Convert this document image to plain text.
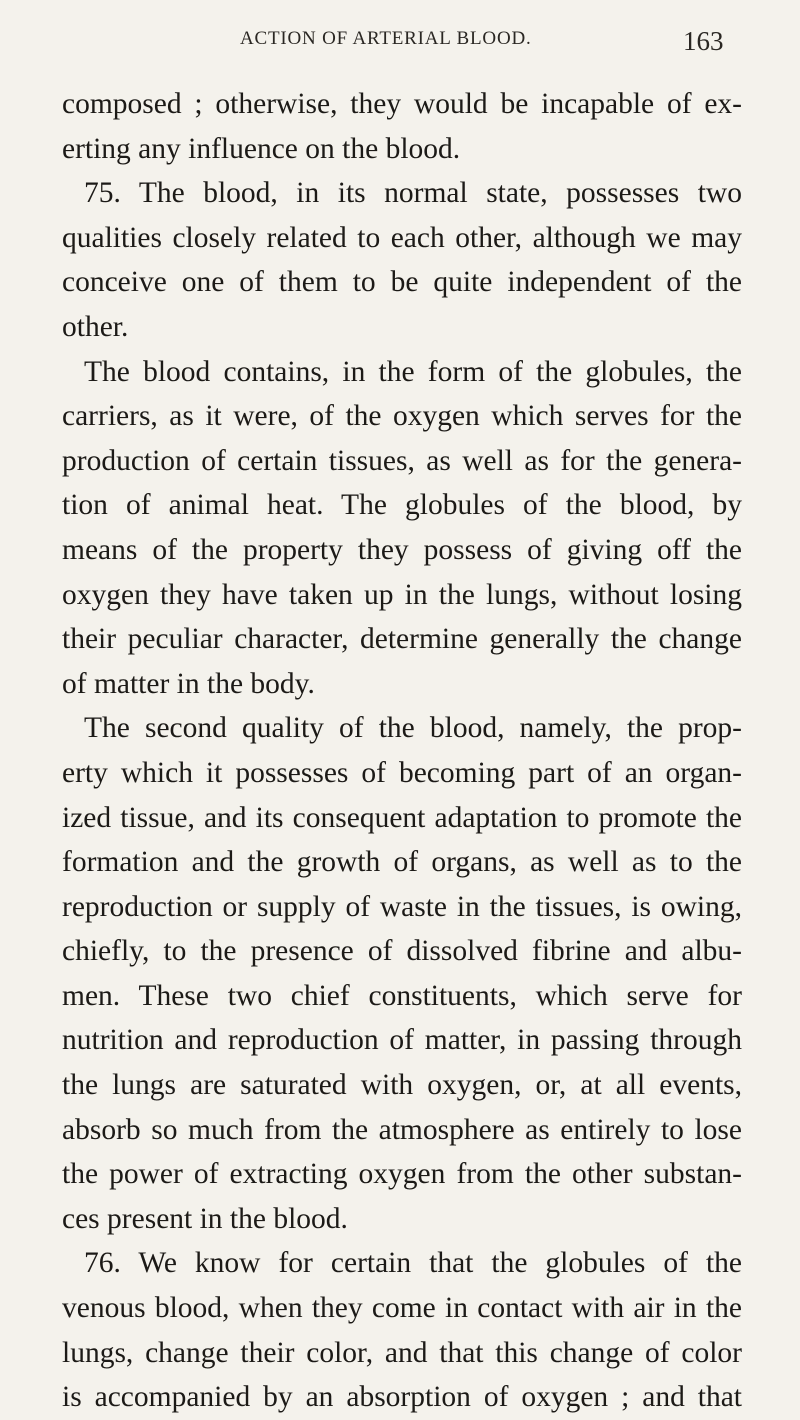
ACTION OF ARTERIAL BLOOD.	163
composed ; otherwise, they would be incapable of ex-
erting any influence on the blood.
75. The blood, in its normal state, possesses two
qualities closely related to each other, although we may
conceive one of them to be quite independent of the
other.
The blood contains, in the form of the globules, the
carriers, as it were, of the oxygen which serves for the
production of certain tissues, as well as for the genera-
tion of animal heat. The globules of the blood, by
means of the property they possess of giving off the
oxygen they have taken up in the lungs, without losing
their peculiar character, determine generally the change
of matter in the body.
The second quality of the blood, namely, the prop-
erty which it possesses of becoming part of an organ-
ized tissue, and its consequent adaptation to promote the
formation and the growth of organs, as well as to the
reproduction or supply of waste in the tissues, is owing,
chiefly, to the presence of dissolved fibrine and albu-
men. These two chief constituents, which serve for
nutrition and reproduction of matter, in passing through
the lungs are saturated with oxygen, or, at all events,
absorb so much from the atmosphere as entirely to lose
the power of extracting oxygen from the other substan-
ces present in the blood.
76. We know for certain that the globules of the
venous blood, when they come in contact with air in the
lungs, change their color, and that this change of color
is accompanied by an absorption of oxygen ; and that
